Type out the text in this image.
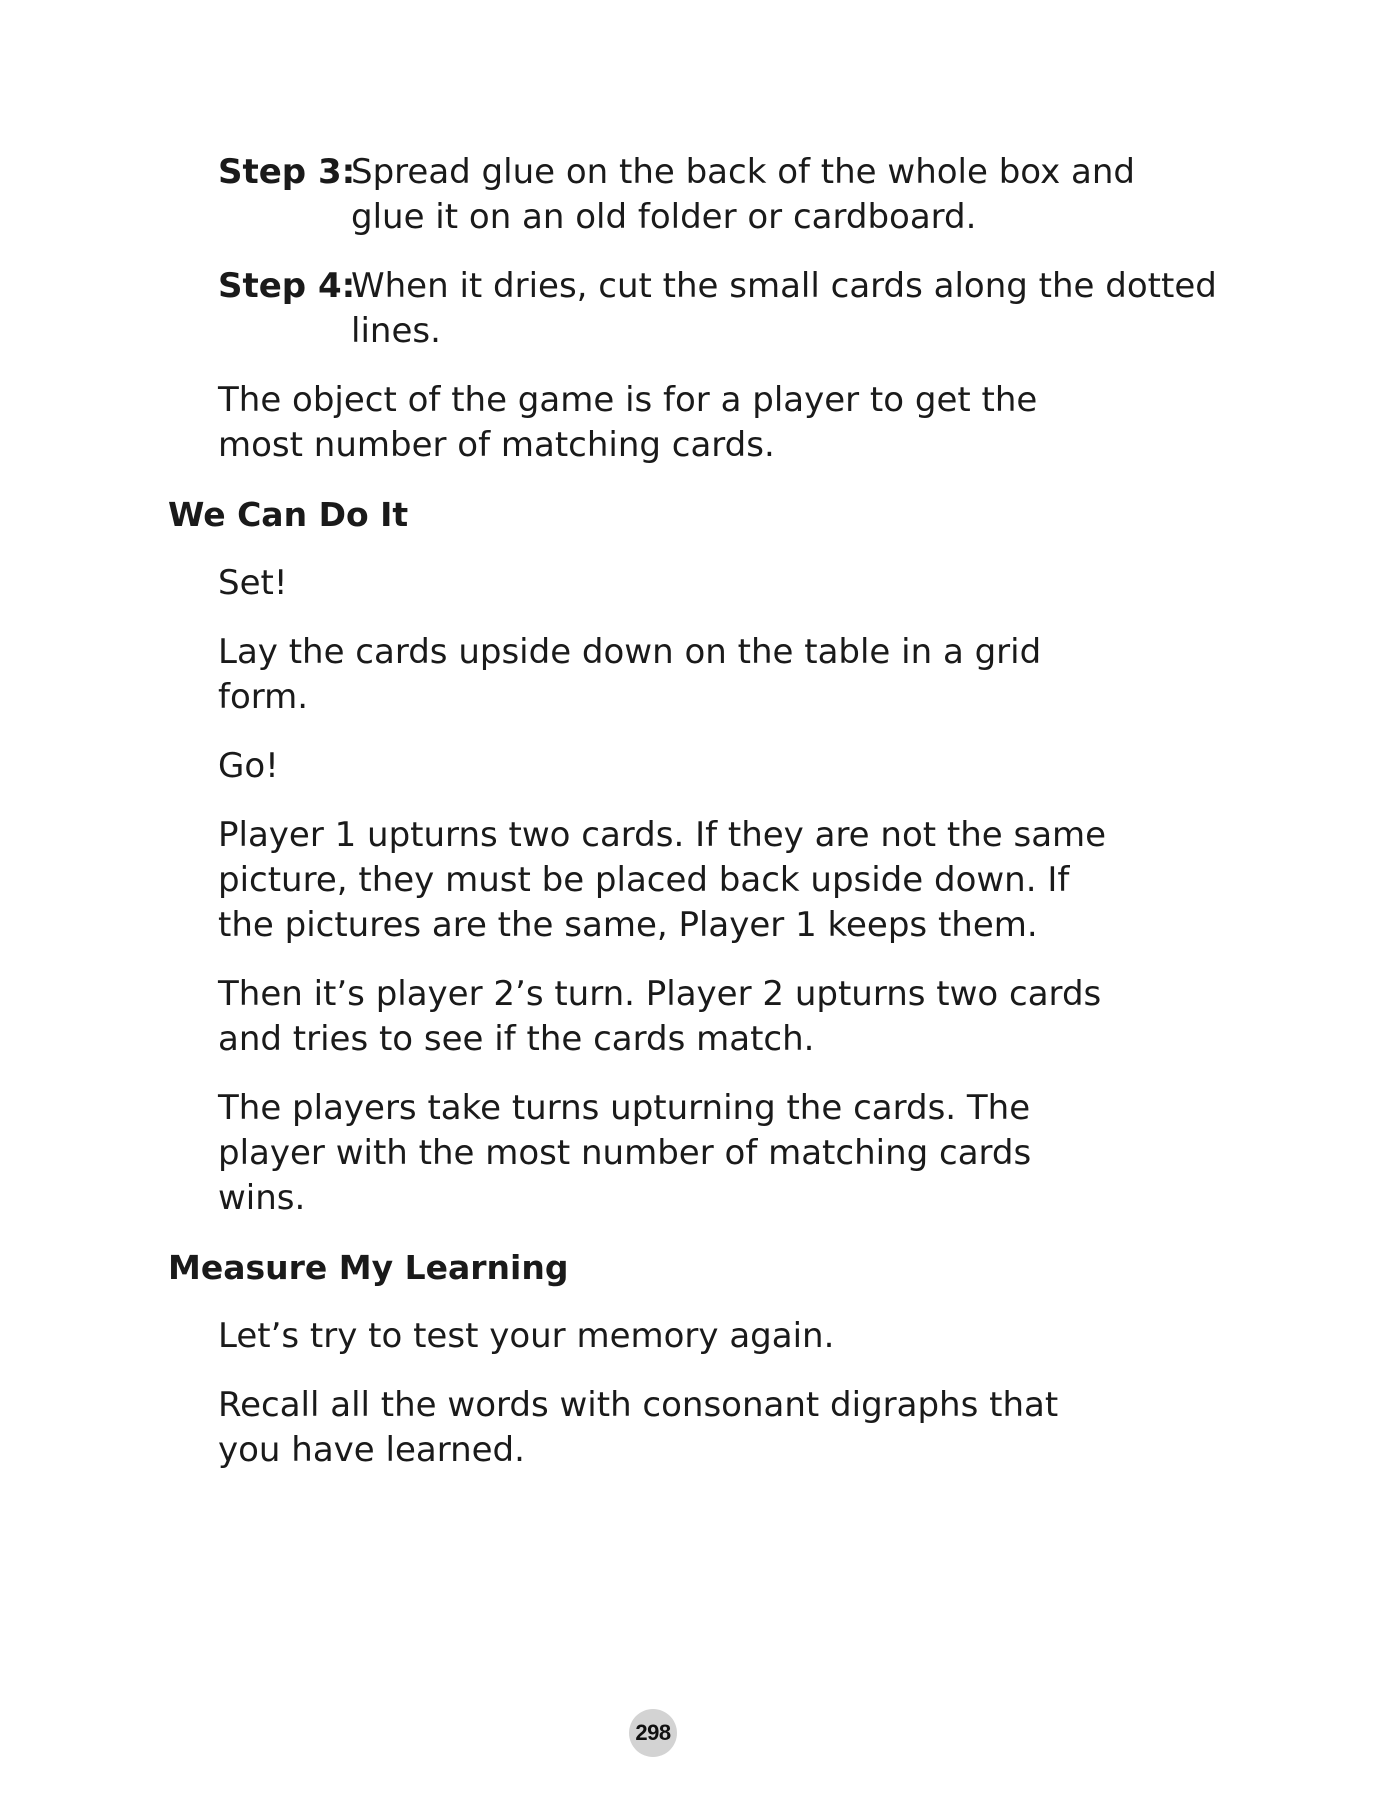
Step 3:
Spread glue on the back of the whole box and glue it on an old folder or cardboard.
Step 4:
When it dries, cut the small cards along the dotted lines.
The object of the game is for a player to get the most number of matching cards.
We Can Do It
Set!
Lay the cards upside down on the table in a grid form.
Go!
Player 1 upturns two cards. If they are not the same picture, they must be placed back upside down. If the pictures are the same, Player 1 keeps them.
Then it’s player 2’s turn. Player 2 upturns two cards and tries to see if the cards match.
The players take turns upturning the cards. The player with the most number of matching cards wins.
Measure My Learning
Let’s try to test your memory again.
Recall all the words with consonant digraphs that you have learned.
298
